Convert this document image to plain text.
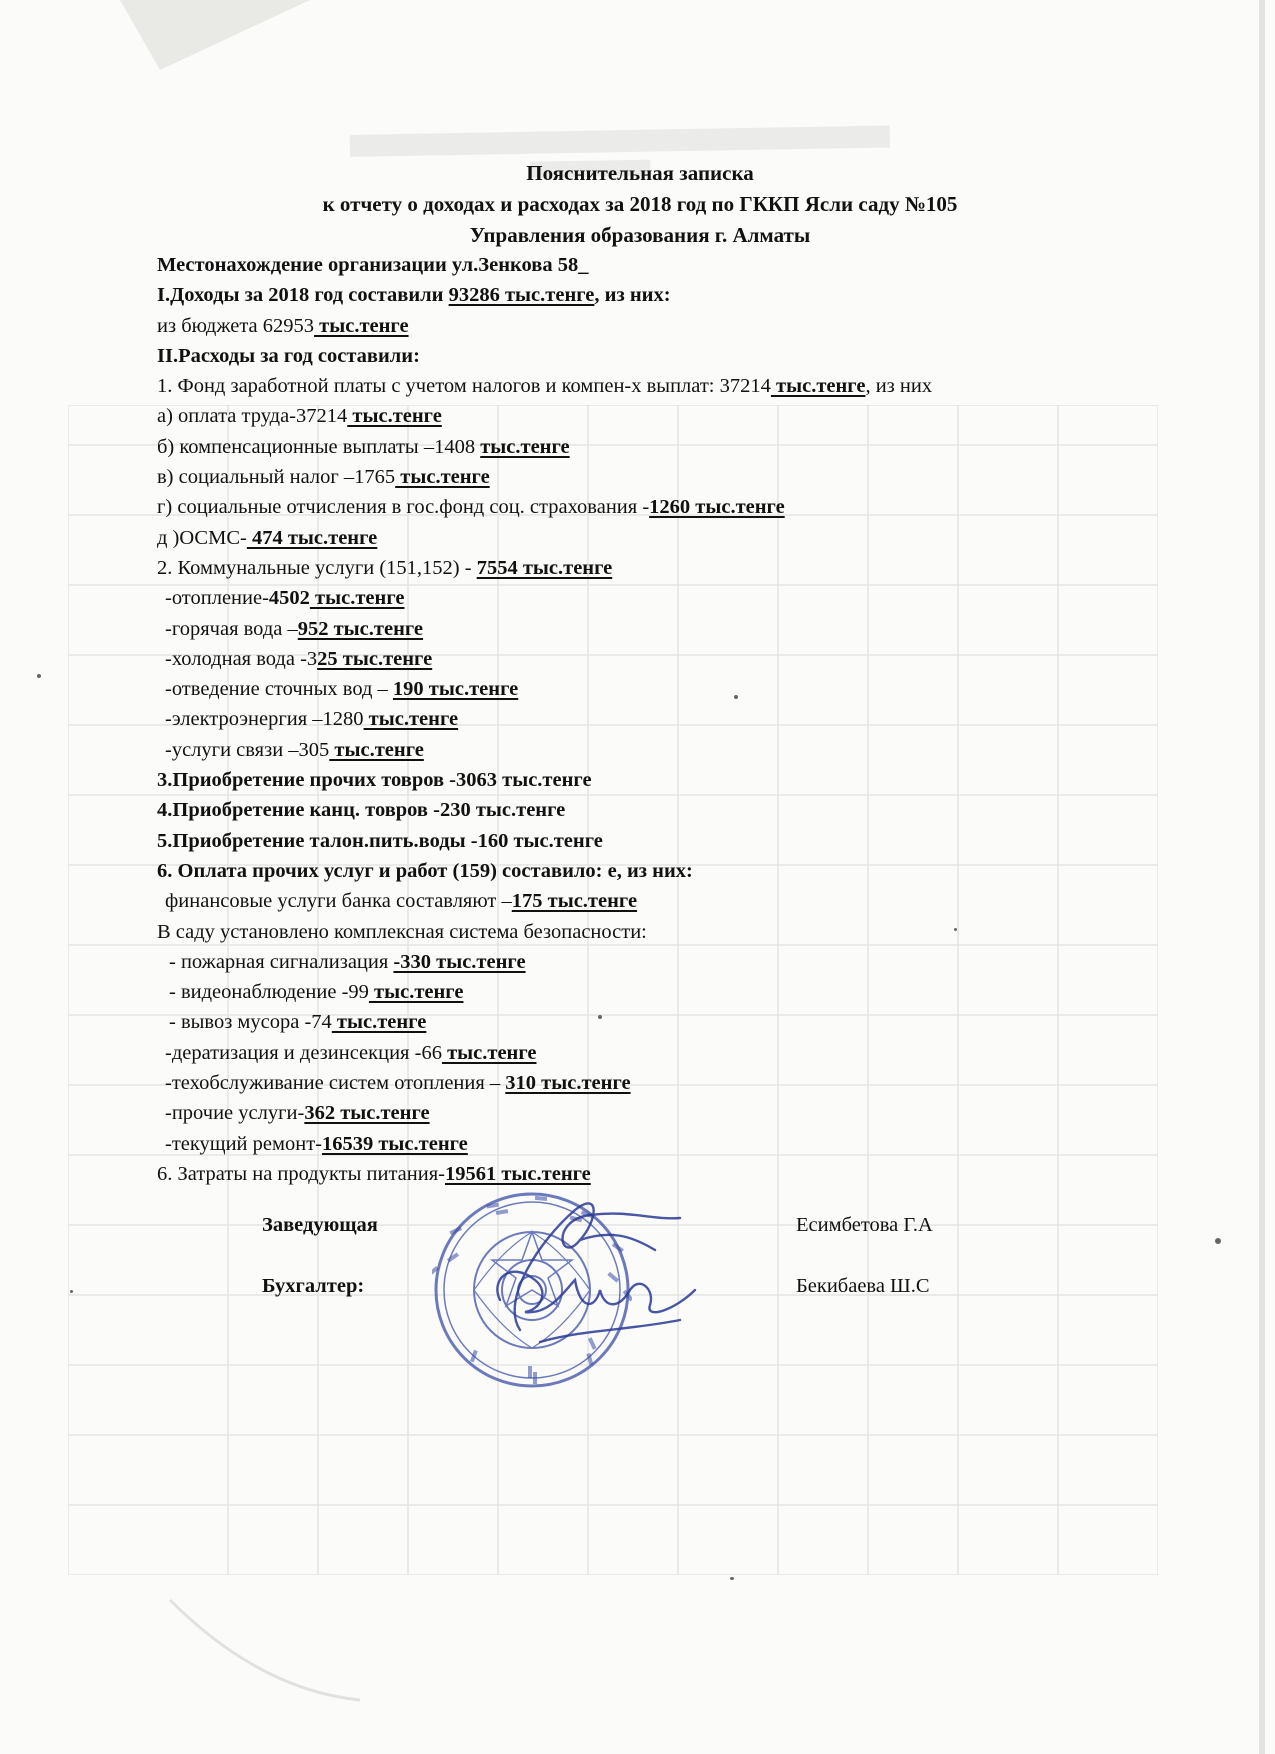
Пояснительная записка
к отчету о доходах и расходах за 2018 год по ГККП Ясли саду №105
Управления образования г. Алматы
Местонахождение организации ул.Зенкова 58_
I.Доходы за 2018 год составили 93286 тыс.тенге, из них:
из бюджета 62953 тыс.тенге
II.Расходы за год составили:
1. Фонд заработной платы с учетом налогов и компен-х выплат: 37214 тыс.тенге, из них
а) оплата труда-37214 тыс.тенге
б) компенсационные выплаты –1408 тыс.тенге
в) социальный налог –1765 тыс.тенге
г) социальные отчисления в гос.фонд соц. страхования -1260 тыс.тенге
д )ОСМС- 474 тыс.тенге
2. Коммунальные услуги (151,152) - 7554 тыс.тенге
-отопление-4502 тыс.тенге
-горячая вода –952 тыс.тенге
-холодная вода -325 тыс.тенге
-отведение сточных вод – 190 тыс.тенге
-электроэнергия –1280 тыс.тенге
-услуги связи –305 тыс.тенге
3.Приобретение прочих товров -3063 тыс.тенге
4.Приобретение канц. товров -230 тыс.тенге
5.Приобретение талон.пить.воды -160 тыс.тенге
6. Оплата прочих услуг и работ (159) составило: е, из них:
финансовые услуги банка составляют –175 тыс.тенге
В саду установлено комплексная система безопасности:
- пожарная сигнализация -330 тыс.тенге
- видеонаблюдение -99 тыс.тенге
- вывоз мусора -74 тыс.тенге
-дератизация и дезинсекция -66 тыс.тенге
-техобслуживание систем отопления – 310 тыс.тенге
-прочие услуги-362 тыс.тенге
-текущий ремонт-16539 тыс.тенге
6. Затраты на продукты питания-19561 тыс.тенге
Заведующая	Есимбетова Г.А
Бухгалтер:	Бекибаева Ш.С
